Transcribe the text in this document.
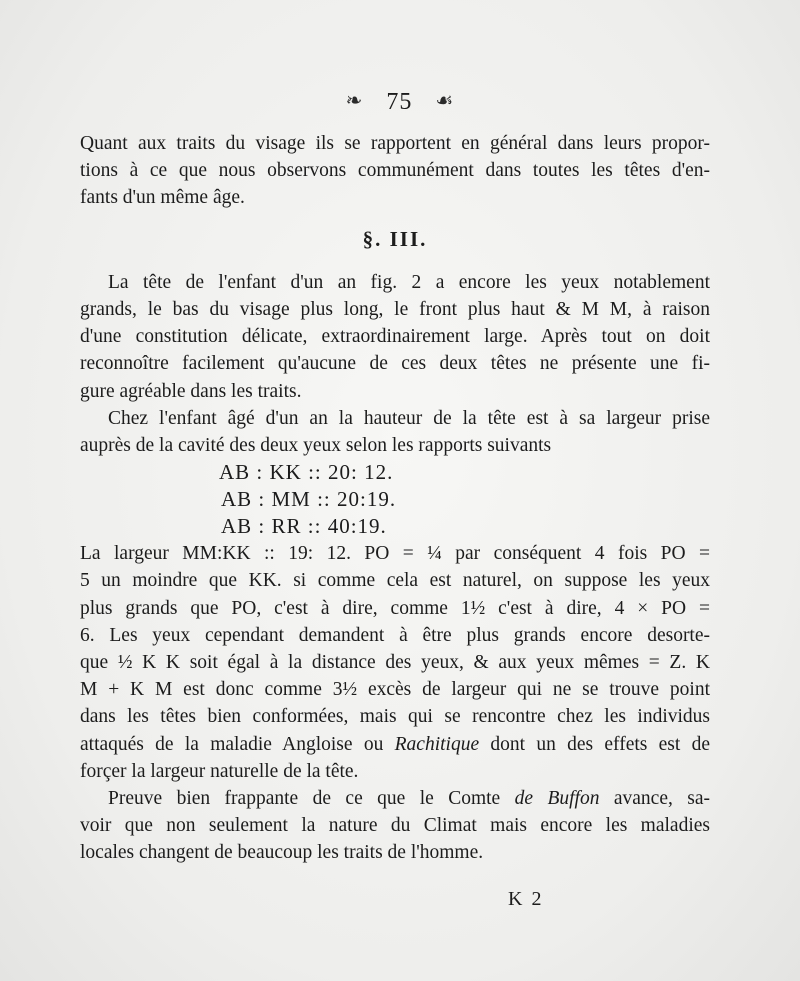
❧ 75 ☙

Quant aux traits du visage ils se rapportent en général dans leurs propor-
tions à ce que nous observons communément dans toutes les têtes d'en-
fants d'un même âge.

§. III.

La tête de l'enfant d'un an fig. 2 a encore les yeux notablement
grands, le bas du visage plus long, le front plus haut & M M, à raison
d'une constitution délicate, extraordinairement large. Après tout on doit
reconnoître facilement qu'aucune de ces deux têtes ne présente une fi-
gure agréable dans les traits.

Chez l'enfant âgé d'un an la hauteur de la tête est à sa largeur prise
auprès de la cavité des deux yeux selon les rapports suivants

AB : KK :: 20: 12.
AB : MM :: 20:19.
AB : RR :: 40:19.

La largeur MM:KK :: 19: 12. PO = ¼ par conséquent 4 fois PO =
5 un moindre que KK. si comme cela est naturel, on suppose les yeux
plus grands que PO, c'est à dire, comme 1½ c'est à dire, 4 × PO =
6. Les yeux cependant demandent à être plus grands encore desorte-
que ½ K K soit égal à la distance des yeux, & aux yeux mêmes = Z. K
M + K M est donc comme 3½ excès de largeur qui ne se trouve point
dans les têtes bien conformées, mais qui se rencontre chez les individus
attaqués de la maladie Angloise ou Rachitique dont un des effets est de
forçer la largeur naturelle de la tête.

Preuve bien frappante de ce que le Comte de Buffon avance, sa-
voir que non seulement la nature du Climat mais encore les maladies
locales changent de beaucoup les traits de l'homme.

K 2
